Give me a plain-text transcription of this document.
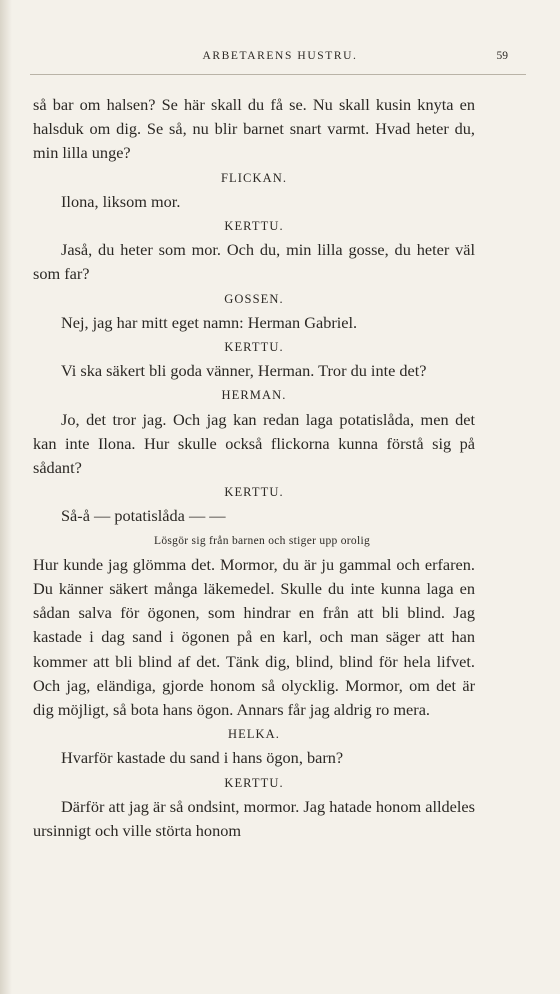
ARBETARENS HUSTRU.	59

så bar om halsen? Se här skall du få se. Nu skall kusin knyta en halsduk om dig. Se så, nu blir barnet snart varmt. Hvad heter du, min lilla unge?

FLICKAN.

Ilona, liksom mor.

KERTTU.

Jaså, du heter som mor. Och du, min lilla gosse, du heter väl som far?

GOSSEN.

Nej, jag har mitt eget namn: Herman Gabriel.

KERTTU.

Vi ska säkert bli goda vänner, Herman. Tror du inte det?

HERMAN.

Jo, det tror jag. Och jag kan redan laga potatislåda, men det kan inte Ilona. Hur skulle också flickorna kunna förstå sig på sådant?

KERTTU.

Så-å — potatislåda — —

Lösgör sig från barnen och stiger upp orolig

Hur kunde jag glömma det. Mormor, du är ju gammal och erfaren. Du känner säkert många läkemedel. Skulle du inte kunna laga en sådan salva för ögonen, som hindrar en från att bli blind. Jag kastade i dag sand i ögonen på en karl, och man säger att han kommer att bli blind af det. Tänk dig, blind, blind för hela lifvet. Och jag, eländiga, gjorde honom så olycklig. Mormor, om det är dig möjligt, så bota hans ögon. Annars får jag aldrig ro mera.

HELKA.

Hvarför kastade du sand i hans ögon, barn?

KERTTU.

Därför att jag är så ondsint, mormor. Jag hatade honom alldeles ursinnigt och ville störta honom
